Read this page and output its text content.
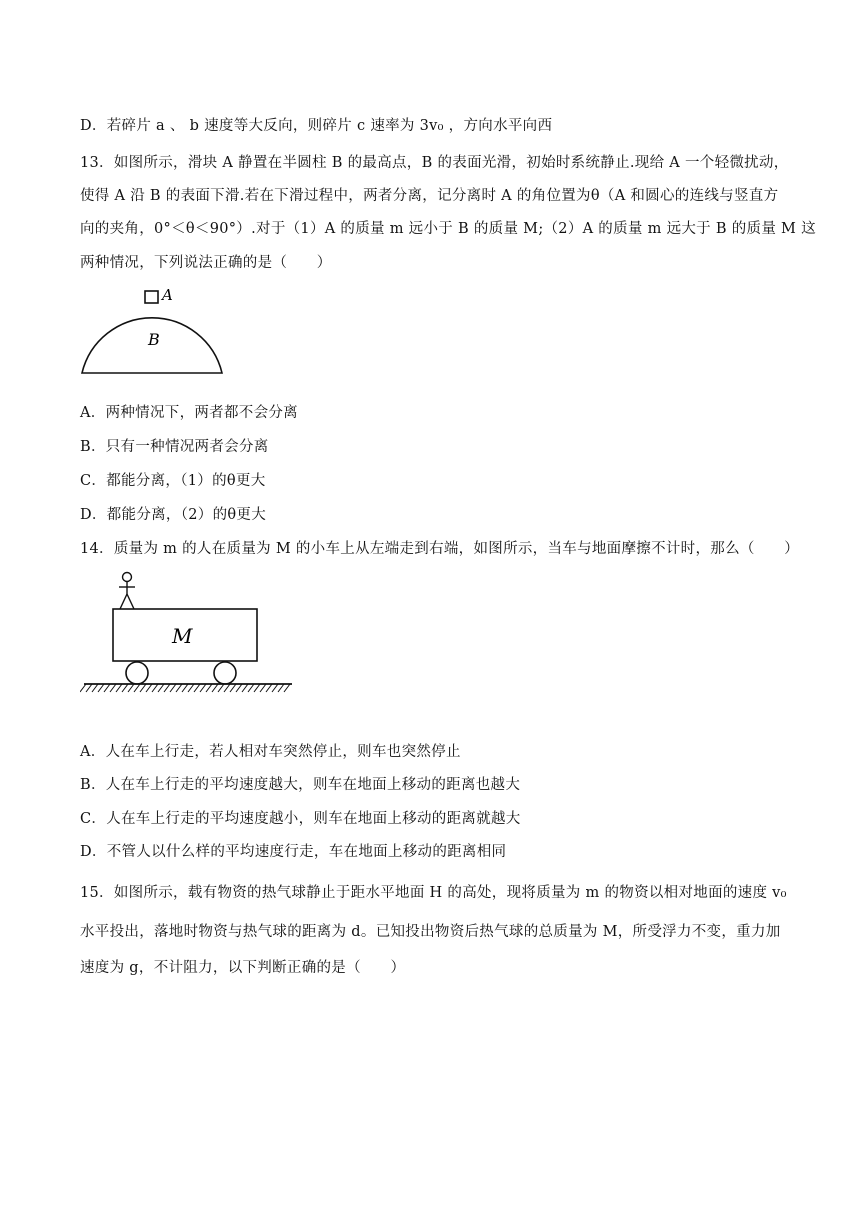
D．若碎片 a 、 b 速度等大反向，则碎片 c 速率为 3v₀ ，方向水平向西
13．如图所示，滑块 A 静置在半圆柱 B 的最高点，B 的表面光滑，初始时系统静止.现给 A 一个轻微扰动，
使得 A 沿 B 的表面下滑.若在下滑过程中，两者分离，记分离时 A 的角位置为θ（A 和圆心的连线与竖直方
向的夹角，0°＜θ＜90°）.对于（1）A 的质量 m 远小于 B 的质量 M;（2）A 的质量 m 远大于 B 的质量 M 这
两种情况，下列说法正确的是（　　）
A
B
A．两种情况下，两者都不会分离
B．只有一种情况两者会分离
C．都能分离，（1）的θ更大
D．都能分离，（2）的θ更大
14．质量为 m 的人在质量为 M 的小车上从左端走到右端，如图所示，当车与地面摩擦不计时，那么（　　）
M
A．人在车上行走，若人相对车突然停止，则车也突然停止
B．人在车上行走的平均速度越大，则车在地面上移动的距离也越大
C．人在车上行走的平均速度越小，则车在地面上移动的距离就越大
D．不管人以什么样的平均速度行走，车在地面上移动的距离相同
15．如图所示，载有物资的热气球静止于距水平地面 H 的高处，现将质量为 m 的物资以相对地面的速度 v₀
水平投出，落地时物资与热气球的距离为 d。已知投出物资后热气球的总质量为 M，所受浮力不变，重力加
速度为 g，不计阻力，以下判断正确的是（　　）
